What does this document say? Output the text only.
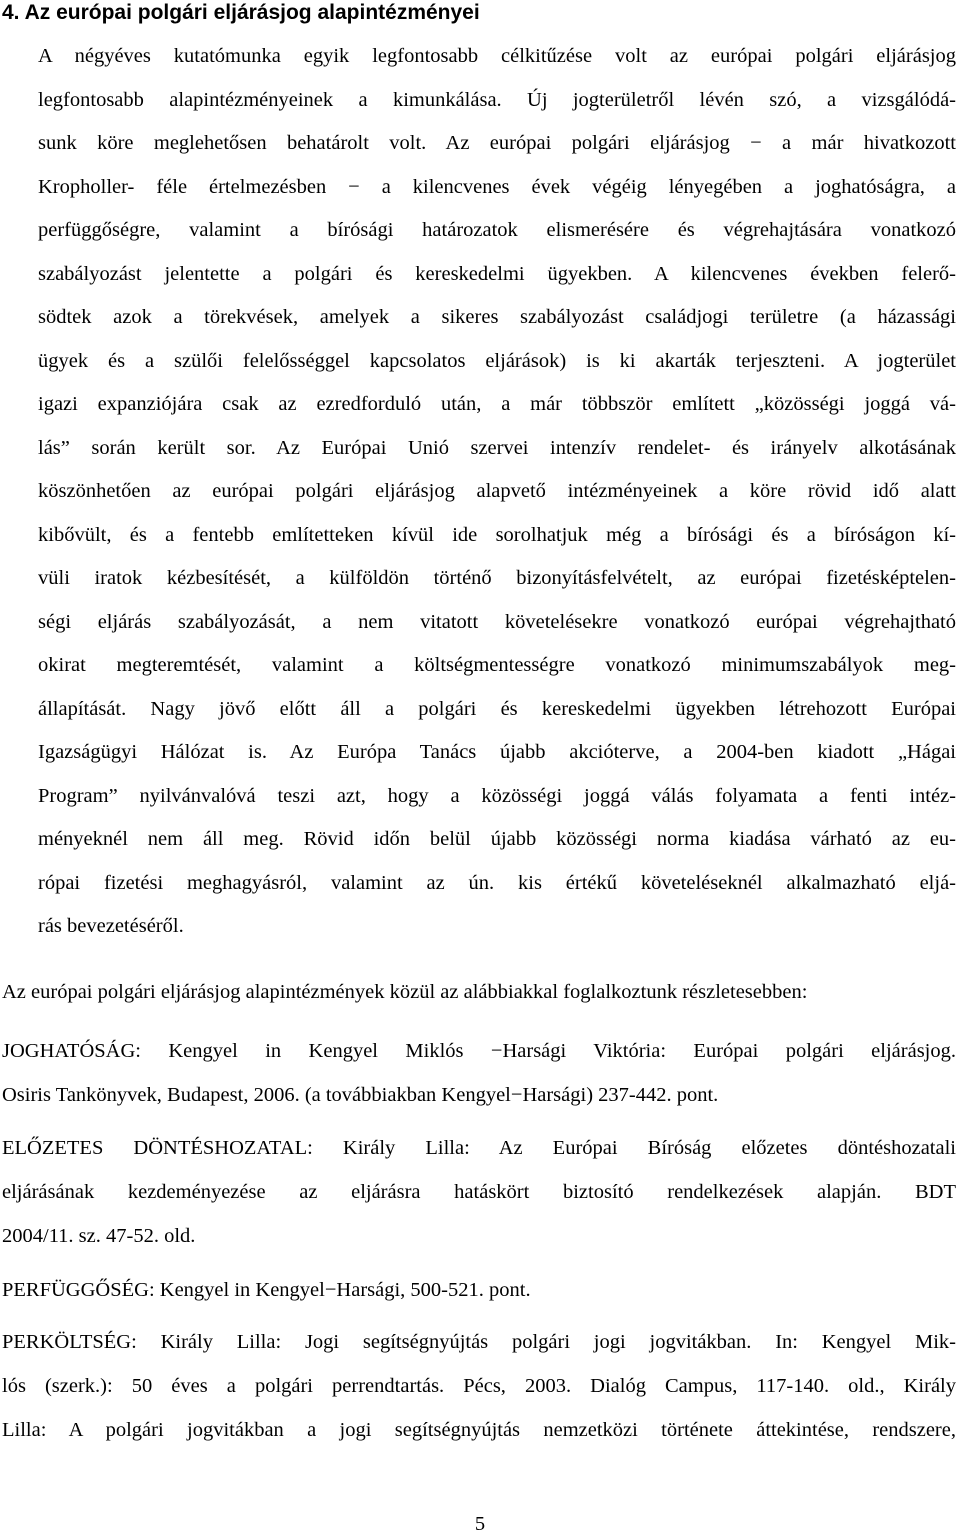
4. Az európai polgári eljárásjog alapintézményei
A négyéves kutatómunka egyik legfontosabb célkitűzése volt az európai polgári eljárásjog
legfontosabb alapintézményeinek a kimunkálása. Új jogterületről lévén szó, a vizsgálódá-
sunk köre meglehetősen behatárolt volt. Az európai polgári eljárásjog − a már hivatkozott
Kropholler- féle értelmezésben − a kilencvenes évek végéig lényegében a joghatóságra, a
perfüggőségre, valamint a bírósági határozatok elismerésére és végrehajtására vonatkozó
szabályozást jelentette a polgári és kereskedelmi ügyekben. A kilencvenes években felerő-
södtek azok a törekvések, amelyek a sikeres szabályozást családjogi területre (a házassági
ügyek és a szülői felelősséggel kapcsolatos eljárások) is ki akarták terjeszteni. A jogterület
igazi expanziójára csak az ezredforduló után, a már többször említett „közösségi joggá vá-
lás” során került sor. Az Európai Unió szervei intenzív rendelet- és irányelv alkotásának
köszönhetően az európai polgári eljárásjog alapvető intézményeinek a köre rövid idő alatt
kibővült, és a fentebb említetteken kívül ide sorolhatjuk még a bírósági és a bíróságon kí-
vüli iratok kézbesítését, a külföldön történő bizonyításfelvételt, az európai fizetésképtelen-
ségi eljárás szabályozását, a nem vitatott követelésekre vonatkozó európai végrehajtható
okirat megteremtését, valamint a költségmentességre vonatkozó minimumszabályok meg-
állapítását. Nagy jövő előtt áll a polgári és kereskedelmi ügyekben létrehozott Európai
Igazságügyi Hálózat is. Az Európa Tanács újabb akcióterve, a 2004-ben kiadott „Hágai
Program” nyilvánvalóvá teszi azt, hogy a közösségi joggá válás folyamata a fenti intéz-
ményeknél nem áll meg. Rövid időn belül újabb közösségi norma kiadása várható az eu-
rópai fizetési meghagyásról, valamint az ún. kis értékű követeléseknél alkalmazható eljá-
rás bevezetéséről.
Az európai polgári eljárásjog alapintézmények közül az alábbiakkal foglalkoztunk részletesebben:
JOGHATÓSÁG: Kengyel in Kengyel Miklós −Harsági Viktória: Európai polgári eljárásjog.
Osiris Tankönyvek, Budapest, 2006. (a továbbiakban Kengyel−Harsági) 237-442. pont.
ELŐZETES DÖNTÉSHOZATAL: Király Lilla: Az Európai Bíróság előzetes döntéshozatali
eljárásának kezdeményezése az eljárásra hatáskört biztosító rendelkezések alapján. BDT
2004/11. sz. 47-52. old.
PERFÜGGŐSÉG: Kengyel in Kengyel−Harsági, 500-521. pont.
PERKÖLTSÉG: Király Lilla: Jogi segítségnyújtás polgári jogi jogvitákban. In: Kengyel Mik-
lós (szerk.): 50 éves a polgári perrendtartás. Pécs, 2003. Dialóg Campus, 117-140. old., Király
Lilla: A polgári jogvitákban a jogi segítségnyújtás nemzetközi története áttekintése, rendszere,
5
